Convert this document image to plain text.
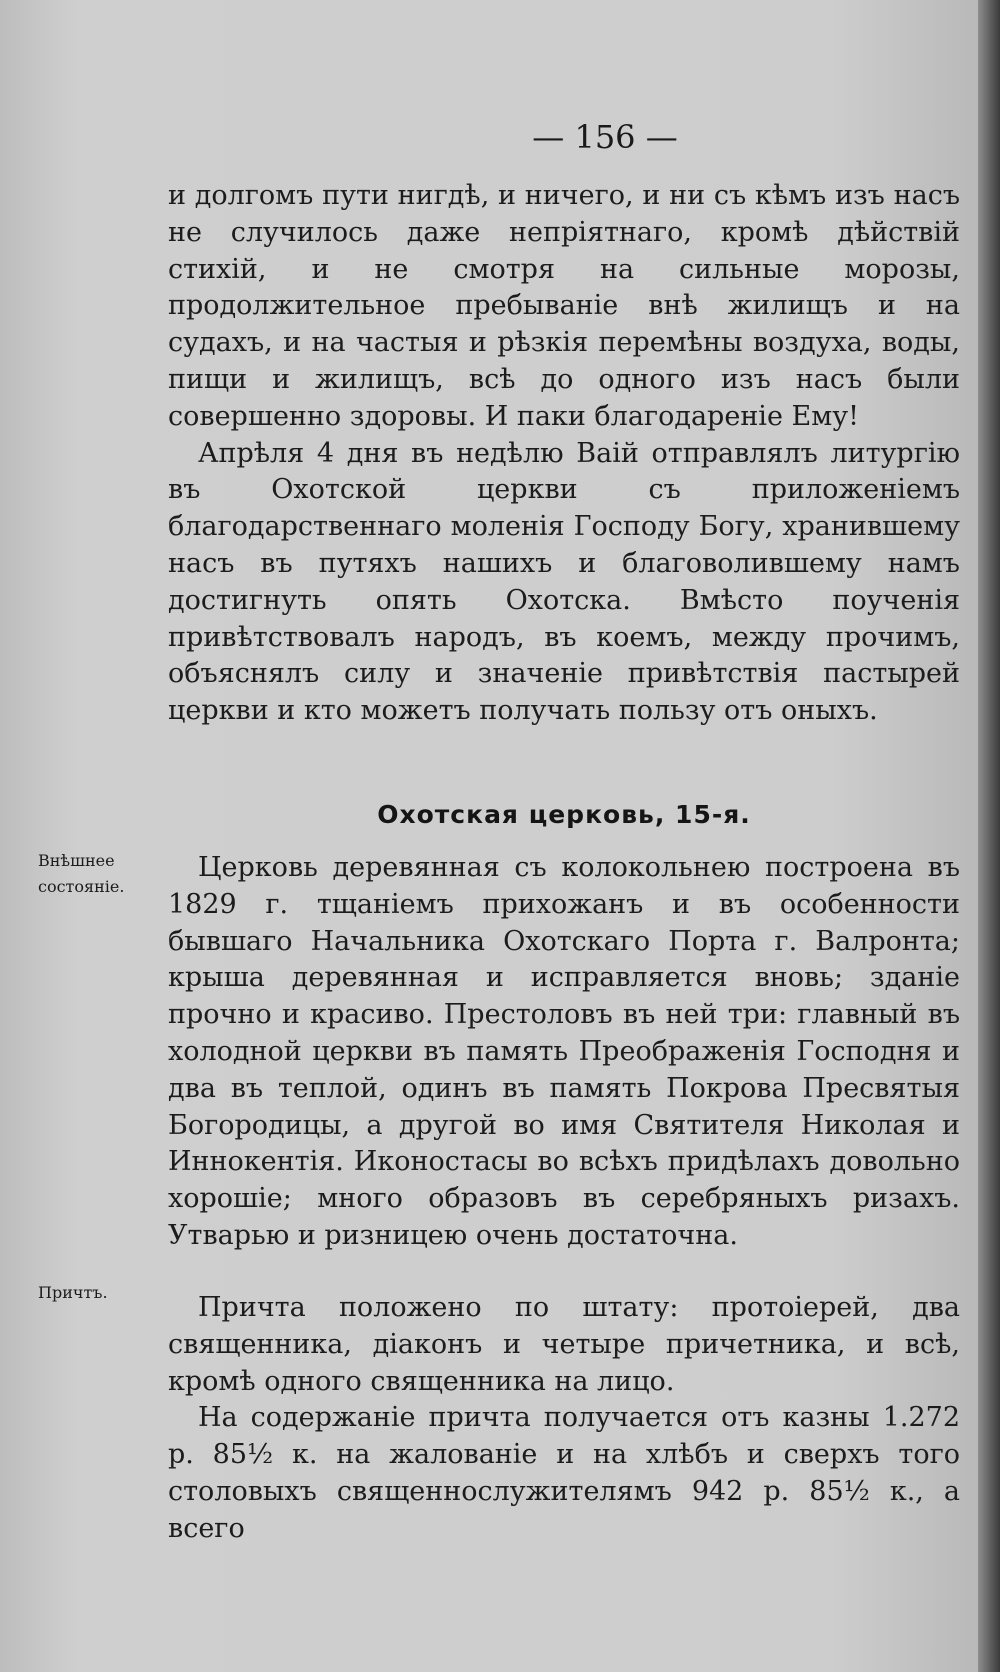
— 156 —

и долгомъ пути нигдѣ, и ничего, и ни съ кѣмъ изъ насъ не случилось даже непріятнаго, кромѣ дѣйствій стихій, и не смотря на сильные морозы, продолжительное пребываніе внѣ жилищъ и на судахъ, и на частыя и рѣзкія перемѣны воздуха, воды, пищи и жилищъ, всѣ до одного изъ насъ были совершенно здоровы. И паки благодареніе Ему!

Апрѣля 4 дня въ недѣлю Ваій отправлялъ литургію въ Охотской церкви съ приложеніемъ благодарственнаго моленія Господу Богу, хранившему насъ въ путяхъ нашихъ и благоволившему намъ достигнуть опять Охотска. Вмѣсто поученія привѣтствовалъ народъ, въ коемъ, между прочимъ, объяснялъ силу и значеніе привѣтствія пастырей церкви и кто можетъ получать пользу отъ оныхъ.

Охотская церковь, 15-я.
Внѣшнее состояніе.

Церковь деревянная съ колокольнею построена въ 1829 г. тщаніемъ прихожанъ и въ особенности бывшаго Начальника Охотскаго Порта г. Валронта; крыша деревянная и исправляется вновь; зданіе прочно и красиво. Престоловъ въ ней три: главный въ холодной церкви въ память Преображенія Господня и два въ теплой, одинъ въ память Покрова Пресвятыя Богородицы, а другой во имя Святителя Николая и Иннокентія. Иконостасы во всѣхъ придѣлахъ довольно хорошіе; много образовъ въ серебряныхъ ризахъ. Утварью и ризницею очень достаточна.

Причтъ.	Причта положено по штату: протоіерей, два священника, діаконъ и четыре причетника, и всѣ, кромѣ одного священника на лицо.

На содержаніе причта получается отъ казны 1.272 р. 85½ к. на жалованіе и на хлѣбъ и сверхъ того столовыхъ священнослужителямъ 942 р. 85½ к., а всего
